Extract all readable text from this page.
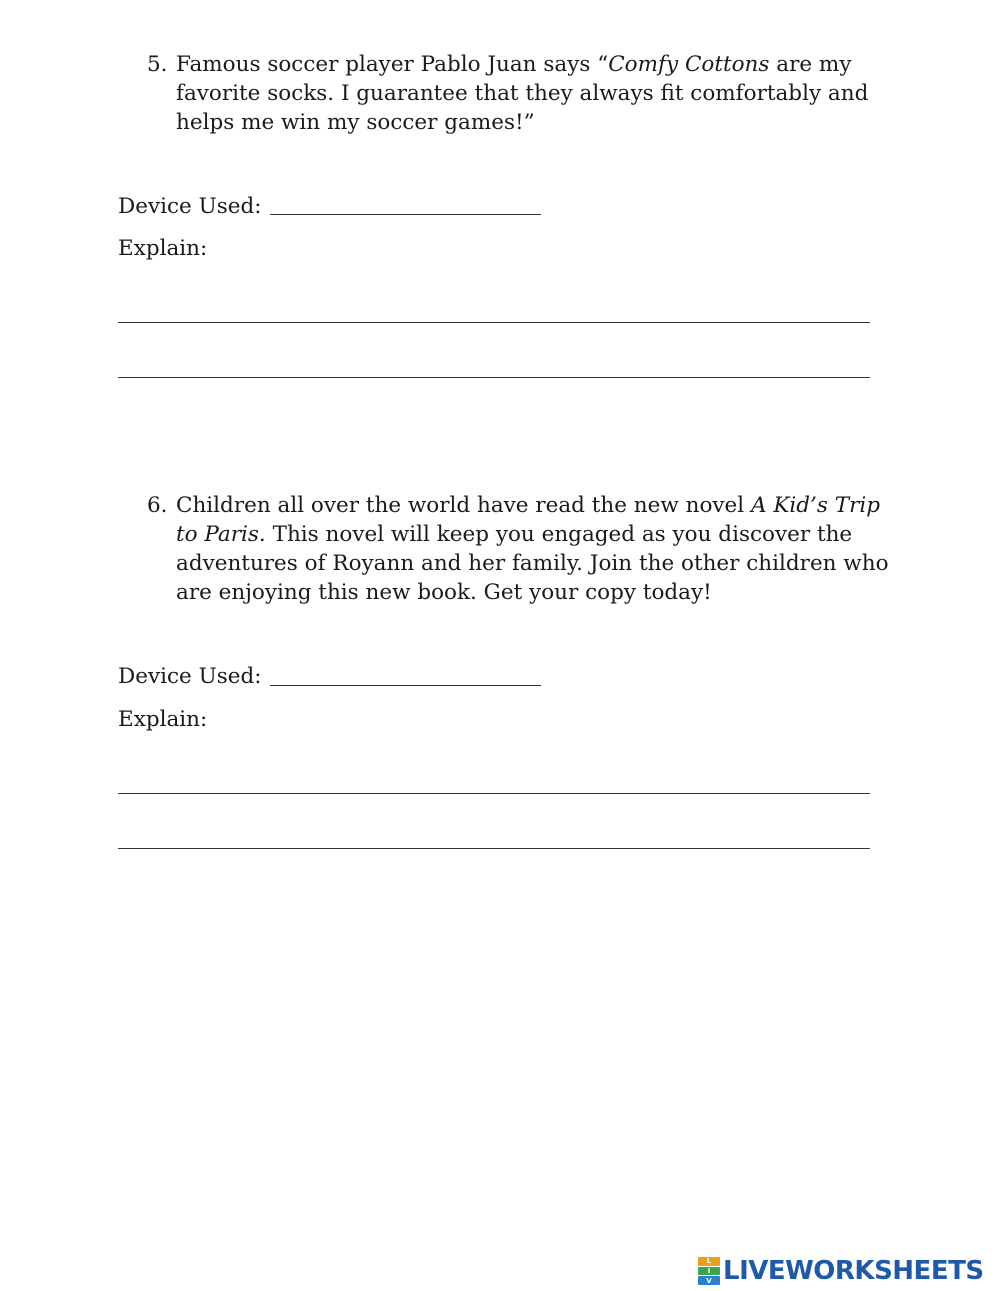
5. Famous soccer player Pablo Juan says “Comfy Cottons are my favorite socks. I guarantee that they always fit comfortably and helps me win my soccer games!”
Device Used:
Explain:
6. Children all over the world have read the new novel A Kid’s Trip to Paris. This novel will keep you engaged as you discover the adventures of Royann and her family. Join the other children who are enjoying this new book. Get your copy today!
Device Used:
Explain:
L
I
V LIVEWORKSHEETS
